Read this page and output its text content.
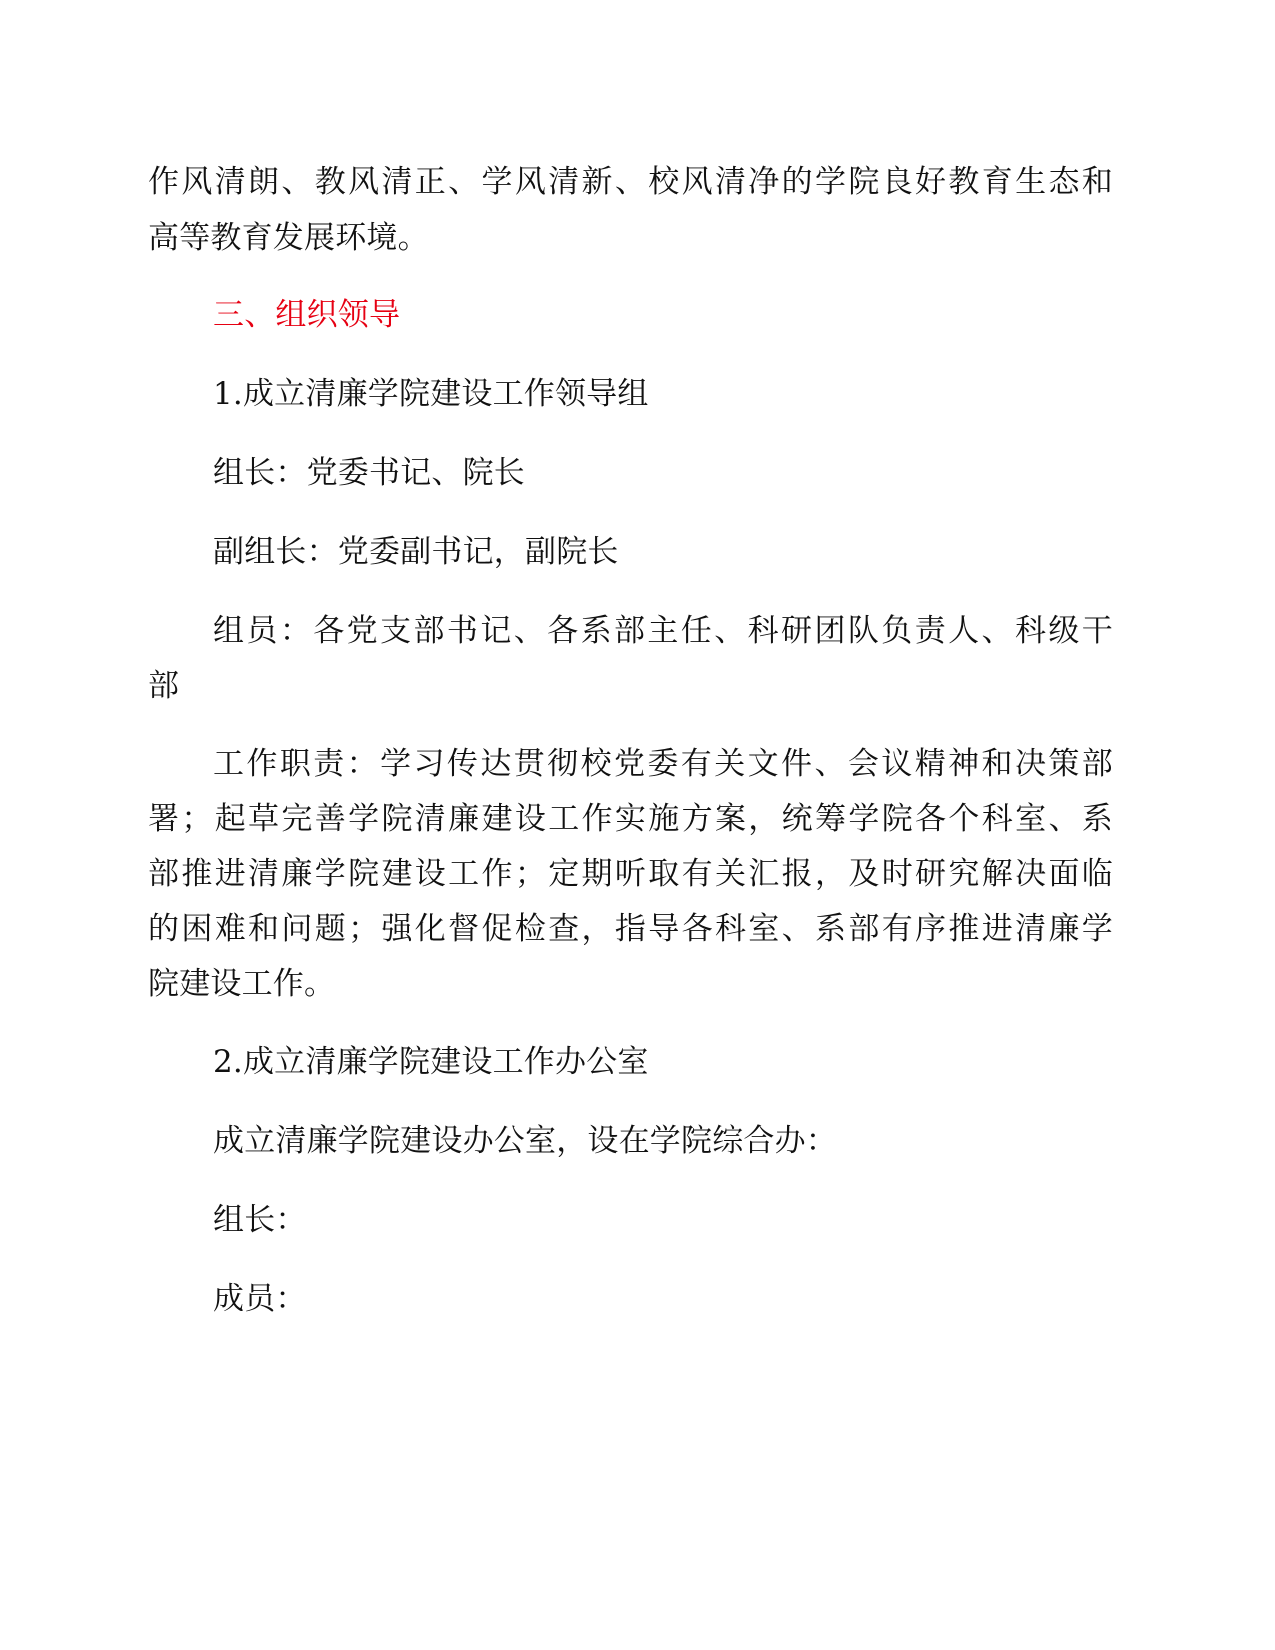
作风清朗、教风清正、学风清新、校风清净的学院良好教育生态和
高等教育发展环境。
三、组织领导
1.成立清廉学院建设工作领导组
组长：党委书记、院长
副组长：党委副书记，副院长
组员：各党支部书记、各系部主任、科研团队负责人、科级干
部
工作职责：学习传达贯彻校党委有关文件、会议精神和决策部
署；起草完善学院清廉建设工作实施方案，统筹学院各个科室、系
部推进清廉学院建设工作；定期听取有关汇报，及时研究解决面临
的困难和问题；强化督促检查，指导各科室、系部有序推进清廉学
院建设工作。
2.成立清廉学院建设工作办公室
成立清廉学院建设办公室，设在学院综合办：
组长：
成员：
